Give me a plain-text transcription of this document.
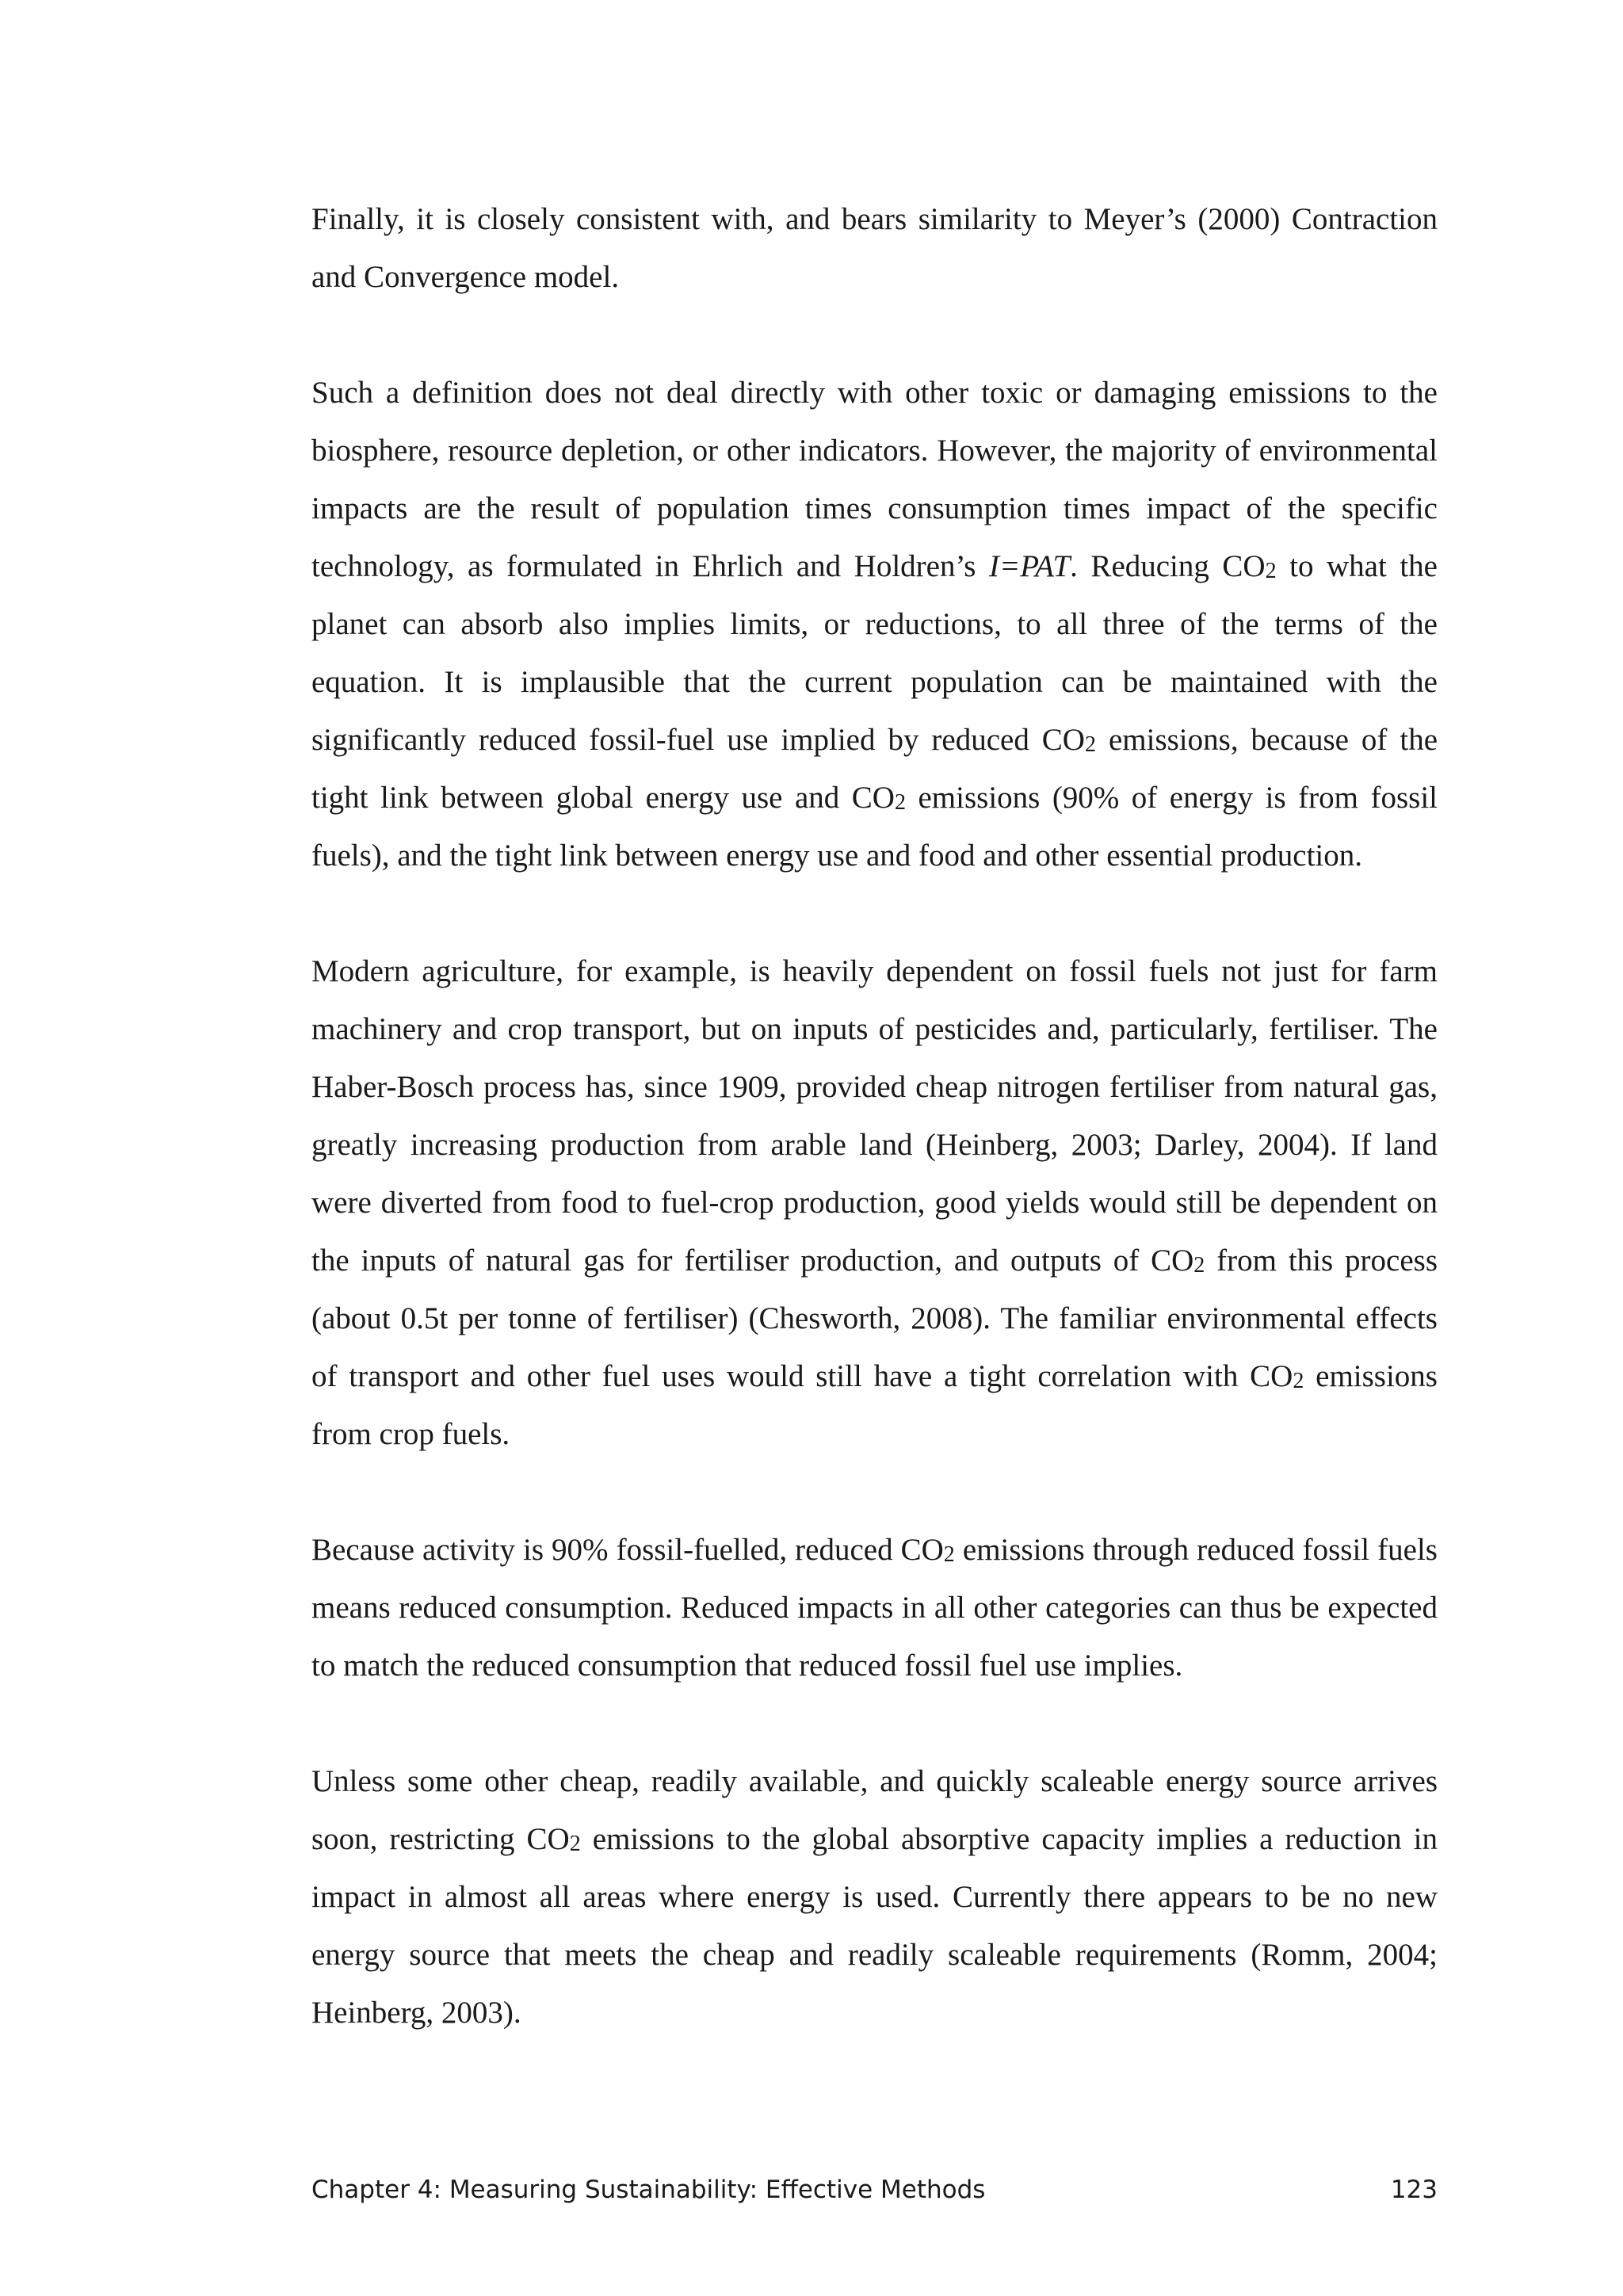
Finally, it is closely consistent with, and bears similarity to Meyer’s (2000) Contraction and Convergence model.

Such a definition does not deal directly with other toxic or damaging emissions to the biosphere, resource depletion, or other indicators. However, the majority of environmental impacts are the result of population times consumption times impact of the specific technology, as formulated in Ehrlich and Holdren’s I=PAT. Reducing CO2 to what the planet can absorb also implies limits, or reductions, to all three of the terms of the equation. It is implausible that the current population can be maintained with the significantly reduced fossil-fuel use implied by reduced CO2 emissions, because of the tight link between global energy use and CO2 emissions (90% of energy is from fossil fuels), and the tight link between energy use and food and other essential production.

Modern agriculture, for example, is heavily dependent on fossil fuels not just for farm machinery and crop transport, but on inputs of pesticides and, particularly, fertiliser. The Haber-Bosch process has, since 1909, provided cheap nitrogen fertiliser from natural gas, greatly increasing production from arable land (Heinberg, 2003; Darley, 2004). If land were diverted from food to fuel-crop production, good yields would still be dependent on the inputs of natural gas for fertiliser production, and outputs of CO2 from this process (about 0.5t per tonne of fertiliser) (Chesworth, 2008). The familiar environmental effects of transport and other fuel uses would still have a tight correlation with CO2 emissions from crop fuels.

Because activity is 90% fossil-fuelled, reduced CO2 emissions through reduced fossil fuels means reduced consumption. Reduced impacts in all other categories can thus be expected to match the reduced consumption that reduced fossil fuel use implies.

Unless some other cheap, readily available, and quickly scaleable energy source arrives soon, restricting CO2 emissions to the global absorptive capacity implies a reduction in impact in almost all areas where energy is used. Currently there appears to be no new energy source that meets the cheap and readily scaleable requirements (Romm, 2004; Heinberg, 2003).

Chapter 4: Measuring Sustainability: Effective Methods	123
